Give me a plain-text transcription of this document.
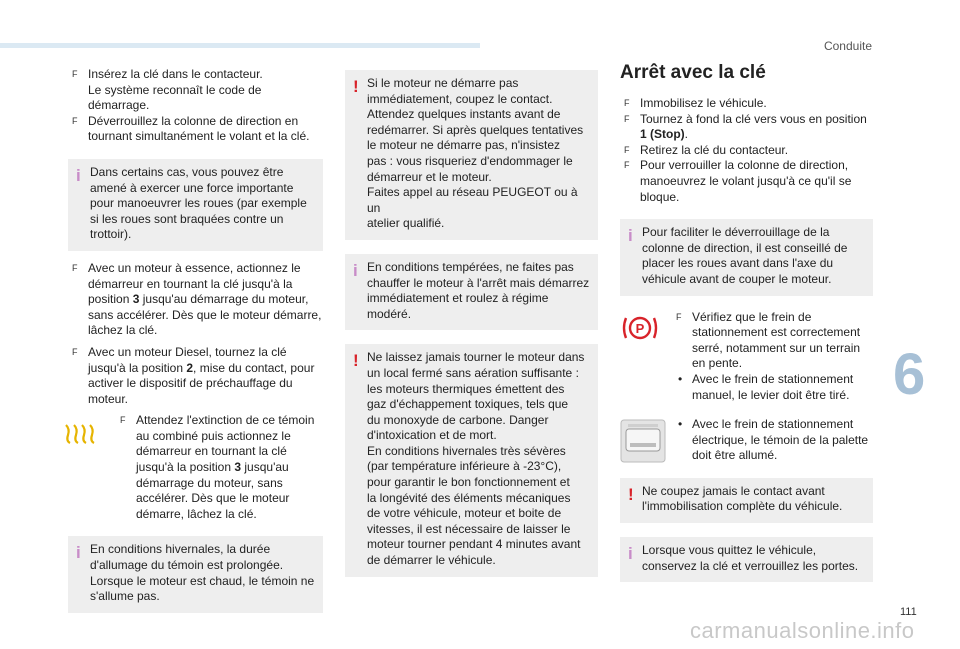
Conduite
6
111
carmanualsonline.info
F Insérez la clé dans le contacteur.
Le système reconnaît le code de
démarrage.
F Déverrouillez la colonne de direction en
tournant simultanément le volant et la clé.
i Dans certains cas, vous pouvez être
amené à exercer une force importante
pour manoeuvrer les roues (par exemple
si les roues sont braquées contre un
trottoir).
F Avec un moteur à essence, actionnez le démarreur en tournant la clé jusqu'à la position 3 jusqu'au démarrage du moteur, sans accélérer. Dès que le moteur démarre, lâchez la clé.
F Avec un moteur Diesel, tournez la clé jusqu'à la position 2, mise du contact, pour activer le dispositif de préchauffage du moteur.
F Attendez l'extinction de ce témoin au combiné puis actionnez le démarreur en tournant la clé jusqu'à la position 3 jusqu'au démarrage du moteur, sans accélérer. Dès que le moteur démarre, lâchez la clé.
i En conditions hivernales, la durée
d'allumage du témoin est prolongée.
Lorsque le moteur est chaud, le témoin ne
s'allume pas.
! Si le moteur ne démarre pas
immédiatement, coupez le contact.
Attendez quelques instants avant de
redémarrer. Si après quelques tentatives
le moteur ne démarre pas, n'insistez
pas : vous risqueriez d'endommager le
démarreur et le moteur.
Faites appel au réseau PEUGEOT ou à un
atelier qualifié.
i En conditions tempérées, ne faites pas
chauffer le moteur à l'arrêt mais démarrez
immédiatement et roulez à régime
modéré.
! Ne laissez jamais tourner le moteur dans
un local fermé sans aération suffisante :
les moteurs thermiques émettent des
gaz d'échappement toxiques, tels que
du monoxyde de carbone. Danger
d'intoxication et de mort.
En conditions hivernales très sévères
(par température inférieure à -23°C),
pour garantir le bon fonctionnement et
la longévité des éléments mécaniques
de votre véhicule, moteur et boite de
vitesses, il est nécessaire de laisser le
moteur tourner pendant 4 minutes avant
de démarrer le véhicule.
Arrêt avec la clé
F Immobilisez le véhicule.
F Tournez à fond la clé vers vous en position 1 (Stop).
F Retirez la clé du contacteur.
F Pour verrouiller la colonne de direction, manoeuvrez le volant jusqu'à ce qu'il se bloque.
i Pour faciliter le déverrouillage de la
colonne de direction, il est conseillé de
placer les roues avant dans l'axe du
véhicule avant de couper le moteur.
P
F Vérifiez que le frein de stationnement est correctement serré, notamment sur un terrain en pente.
• Avec le frein de stationnement manuel, le levier doit être tiré.
• Avec le frein de stationnement électrique, le témoin de la palette doit être allumé.
! Ne coupez jamais le contact avant
l'immobilisation complète du véhicule.
i Lorsque vous quittez le véhicule,
conservez la clé et verrouillez les portes.
